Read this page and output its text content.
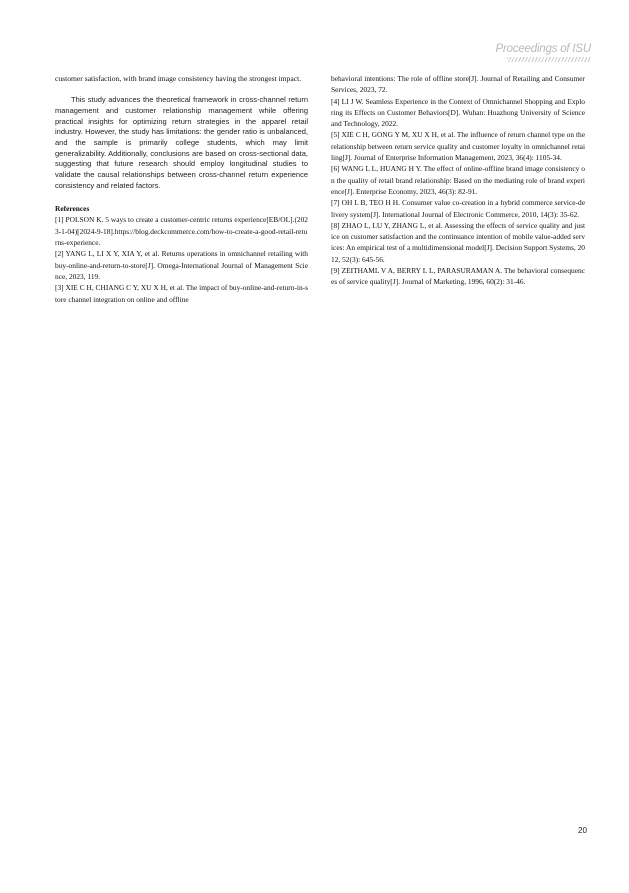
Proceedings of ISU

customer satisfaction, with brand image consistency having the strongest impact.

This study advances the theoretical framework in cross-channel return management and customer relationship management while offering practical insights for optimizing return strategies in the apparel retail industry. However, the study has limitations: the gender ratio is unbalanced, and the sample is primarily college students, which may limit generalizability. Additionally, conclusions are based on cross-sectional data, suggesting that future research should employ longitudinal studies to validate the causal relationships between cross-channel return experience consistency and related factors.

References

[1] POLSON K. 5 ways to create a customer-centric returns experience[EB/OL].(2023-1-04)[2024-9-18].https://blog.deckcommerce.com/how-to-create-a-good-retail-returns-experience.

[2] YANG L, LI X Y, XIA Y, et al. Returns operations in omnichannel retailing with buy-online-and-return-to-store[J]. Omega-International Journal of Management Science, 2023, 119.

[3] XIE C H, CHIANG C Y, XU X H, et al. The impact of buy-online-and-return-in-store channel integration on online and offline

behavioral intentions: The role of offline store[J]. Journal of Retailing and Consumer Services, 2023, 72.

[4] LI J W. Seamless Experience in the Context of Omnichannel Shopping and Exploring its Effects on Customer Behaviors[D]. Wuhan: Huazhong University of Science and Technology, 2022.

[5] XIE C H, GONG Y M, XU X H, et al. The influence of return channel type on the relationship between return service quality and customer loyalty in omnichannel retailing[J]. Journal of Enterprise Information Management, 2023, 36(4): 1105-34.

[6] WANG L L, HUANG H Y. The effect of online-offline brand image consistency on the quality of retail brand relationship: Based on the mediating role of brand experience[J]. Enterprise Economy, 2023, 46(3): 82-91.

[7] OH L B, TEO H H. Consumer value co-creation in a hybrid commerce service-delivery system[J]. International Journal of Electronic Commerce, 2010, 14(3): 35-62.

[8] ZHAO L, LU Y, ZHANG L, et al. Assessing the effects of service quality and justice on customer satisfaction and the continuance intention of mobile value-added services: An empirical test of a multidimensional model[J]. Decision Support Systems, 2012, 52(3): 645-56.

[9] ZEITHAML V A, BERRY L L, PARASURAMAN A. The behavioral consequences of service quality[J]. Journal of Marketing, 1996, 60(2): 31-46.

20
